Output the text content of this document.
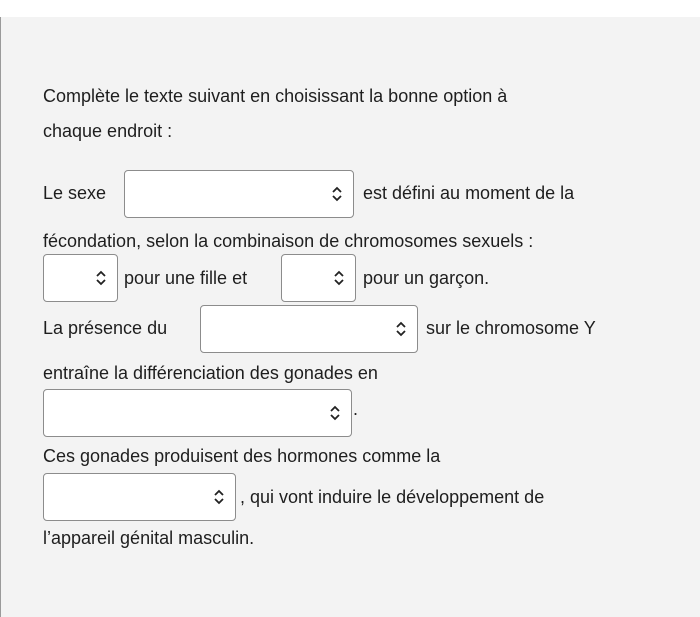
Complète le texte suivant en choisissant la bonne option à
chaque endroit :
Le sexe	est défini au moment de la
fécondation, selon la combinaison de chromosomes sexuels :
pour une fille et	pour un garçon.
La présence du	sur le chromosome Y
entraîne la différenciation des gonades en
.
Ces gonades produisent des hormones comme la
, qui vont induire le développement de
l’appareil génital masculin.
